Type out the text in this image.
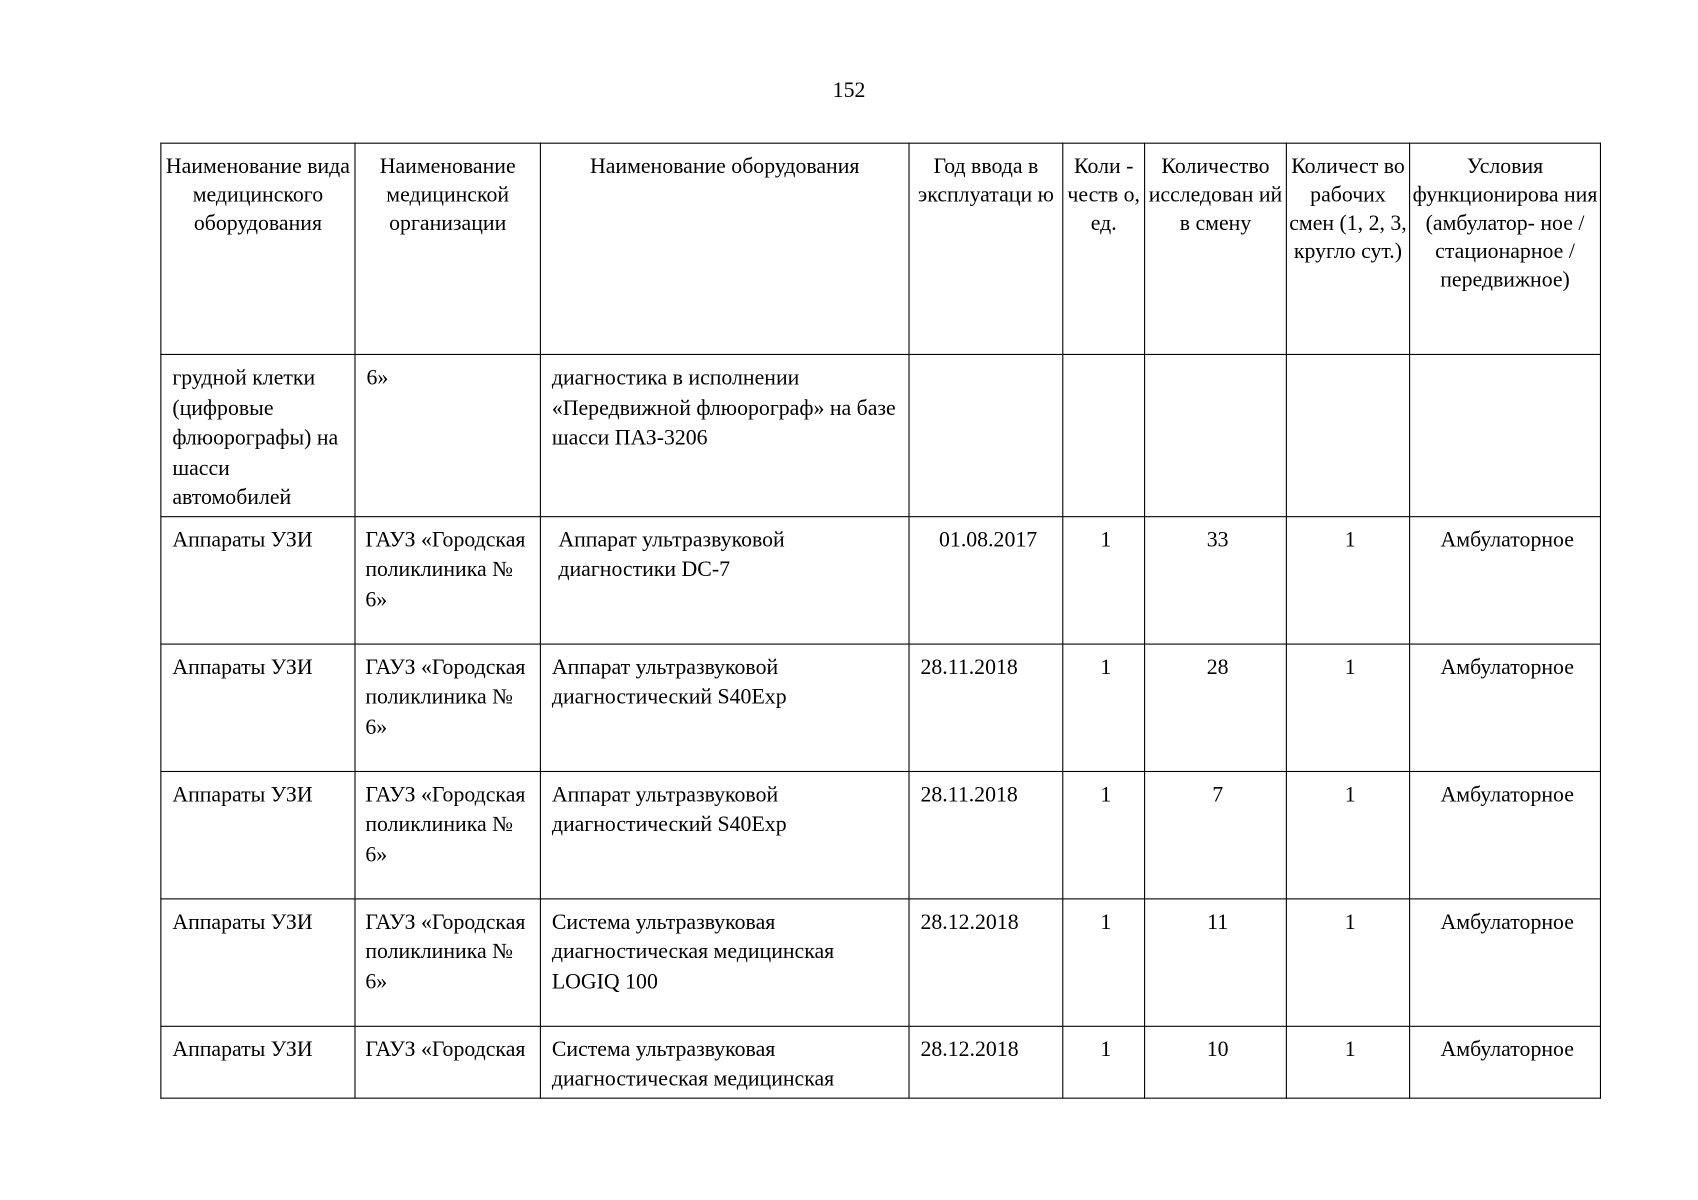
152
Наименование вида медицинского оборудования	Наименование медицинской организации	Наименование оборудования	Год ввода в эксплуатаци ю	Коли - честв о, ед.	Количество исследован ий в смену	Количест во рабочих смен (1, 2, 3, кругло сут.)	Условия функционирова ния (амбулатор- ное / стационарное / передвижное)
грудной клетки (цифровые флюорографы) на шасси автомобилей	6»	диагностика в исполнении «Передвижной флюорограф» на базе шасси ПАЗ-3206					
Аппараты УЗИ	ГАУЗ «Городская поликлиника № 6»	Аппарат ультразвуковой диагностики DC-7	01.08.2017	1	33	1	Амбулаторное
Аппараты УЗИ	ГАУЗ «Городская поликлиника № 6»	Аппарат ультразвуковой диагностический S40Exp	28.11.2018	1	28	1	Амбулаторное
Аппараты УЗИ	ГАУЗ «Городская поликлиника № 6»	Аппарат ультразвуковой диагностический S40Exp	28.11.2018	1	7	1	Амбулаторное
Аппараты УЗИ	ГАУЗ «Городская поликлиника № 6»	Система ультразвуковая диагностическая медицинская LOGIQ 100	28.12.2018	1	11	1	Амбулаторное
Аппараты УЗИ	ГАУЗ «Городская	Система ультразвуковая диагностическая медицинская	28.12.2018	1	10	1	Амбулаторное
